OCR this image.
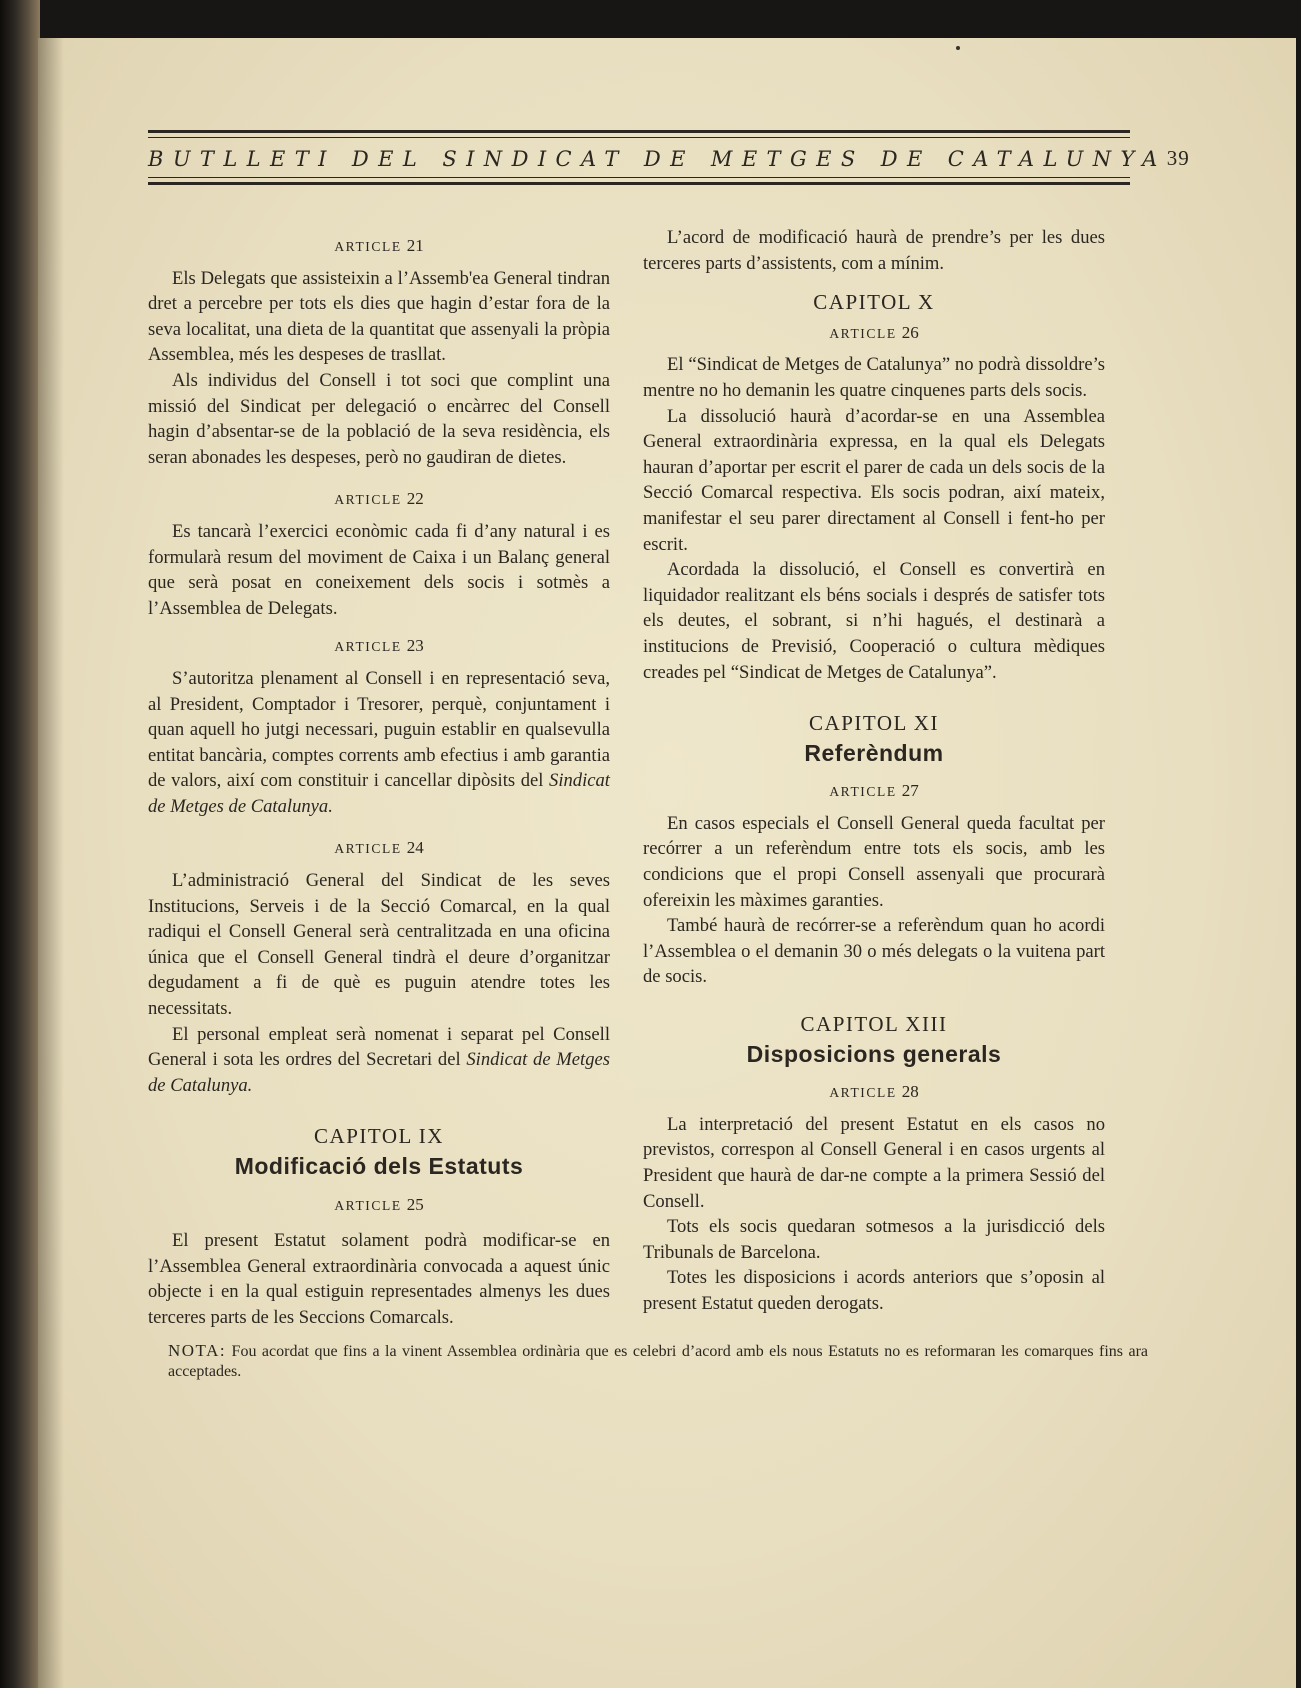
BUTLLETI DEL SINDICAT DE METGES DE CATALUNYA 39
ARTICLE 21

Els Delegats que assisteixin a l’Assemb'ea General tindran dret a percebre per tots els dies que hagin d’estar fora de la seva localitat, una dieta de la quantitat que assenyali la pròpia Assemblea, més les despeses de trasllat.

Als individus del Consell i tot soci que complint una missió del Sindicat per delegació o encàrrec del Consell hagin d’absentar-se de la població de la seva residència, els seran abonades les despeses, però no gaudiran de dietes.

ARTICLE 22

Es tancarà l’exercici econòmic cada fi d’any natural i es formularà resum del moviment de Caixa i un Balanç general que serà posat en coneixement dels socis i sotmès a l’Assemblea de Delegats.

ARTICLE 23

S’autoritza plenament al Consell i en representació seva, al President, Comptador i Tresorer, perquè, conjuntament i quan aquell ho jutgi necessari, puguin establir en qualsevulla entitat bancària, comptes corrents amb efectius i amb garantia de valors, així com constituir i cancellar dipòsits del Sindicat de Metges de Catalunya.

ARTICLE 24

L’administració General del Sindicat de les seves Institucions, Serveis i de la Secció Comarcal, en la qual radiqui el Consell General serà centralitzada en una oficina única que el Consell General tindrà el deure d’organitzar degudament a fi de què es puguin atendre totes les necessitats.

El personal empleat serà nomenat i separat pel Consell General i sota les ordres del Secretari del Sindicat de Metges de Catalunya.

CAPITOL IX
Modificació dels Estatuts
ARTICLE 25

El present Estatut solament podrà modificar-se en l’Assemblea General extraordinària convocada a aquest únic objecte i en la qual estiguin representades almenys les dues terceres parts de les Seccions Comarcals.

L’acord de modificació haurà de prendre’s per les dues terceres parts d’assistents, com a mínim.

CAPITOL X
ARTICLE 26

El “Sindicat de Metges de Catalunya” no podrà dissoldre’s mentre no ho demanin les quatre cinquenes parts dels socis.

La dissolució haurà d’acordar-se en una Assemblea General extraordinària expressa, en la qual els Delegats hauran d’aportar per escrit el parer de cada un dels socis de la Secció Comarcal respectiva. Els socis podran, així mateix, manifestar el seu parer directament al Consell i fent-ho per escrit.

Acordada la dissolució, el Consell es convertirà en liquidador realitzant els béns socials i després de satisfer tots els deutes, el sobrant, si n’hi hagués, el destinarà a institucions de Previsió, Cooperació o cultura mèdiques creades pel “Sindicat de Metges de Catalunya”.

CAPITOL XI
Referèndum
ARTICLE 27

En casos especials el Consell General queda facultat per recórrer a un referèndum entre tots els socis, amb les condicions que el propi Consell assenyali que procurarà ofereixin les màximes garanties.

També haurà de recórrer-se a referèndum quan ho acordi l’Assemblea o el demanin 30 o més delegats o la vuitena part de socis.

CAPITOL XIII
Disposicions generals
ARTICLE 28

La interpretació del present Estatut en els casos no previstos, correspon al Consell General i en casos urgents al President que haurà de dar-ne compte a la primera Sessió del Consell.

Tots els socis quedaran sotmesos a la jurisdicció dels Tribunals de Barcelona.

Totes les disposicions i acords anteriors que s’oposin al present Estatut queden derogats.

NOTA: Fou acordat que fins a la vinent Assemblea ordinària que es celebri d’acord amb els nous Estatuts no es reformaran les comarques fins ara acceptades.
